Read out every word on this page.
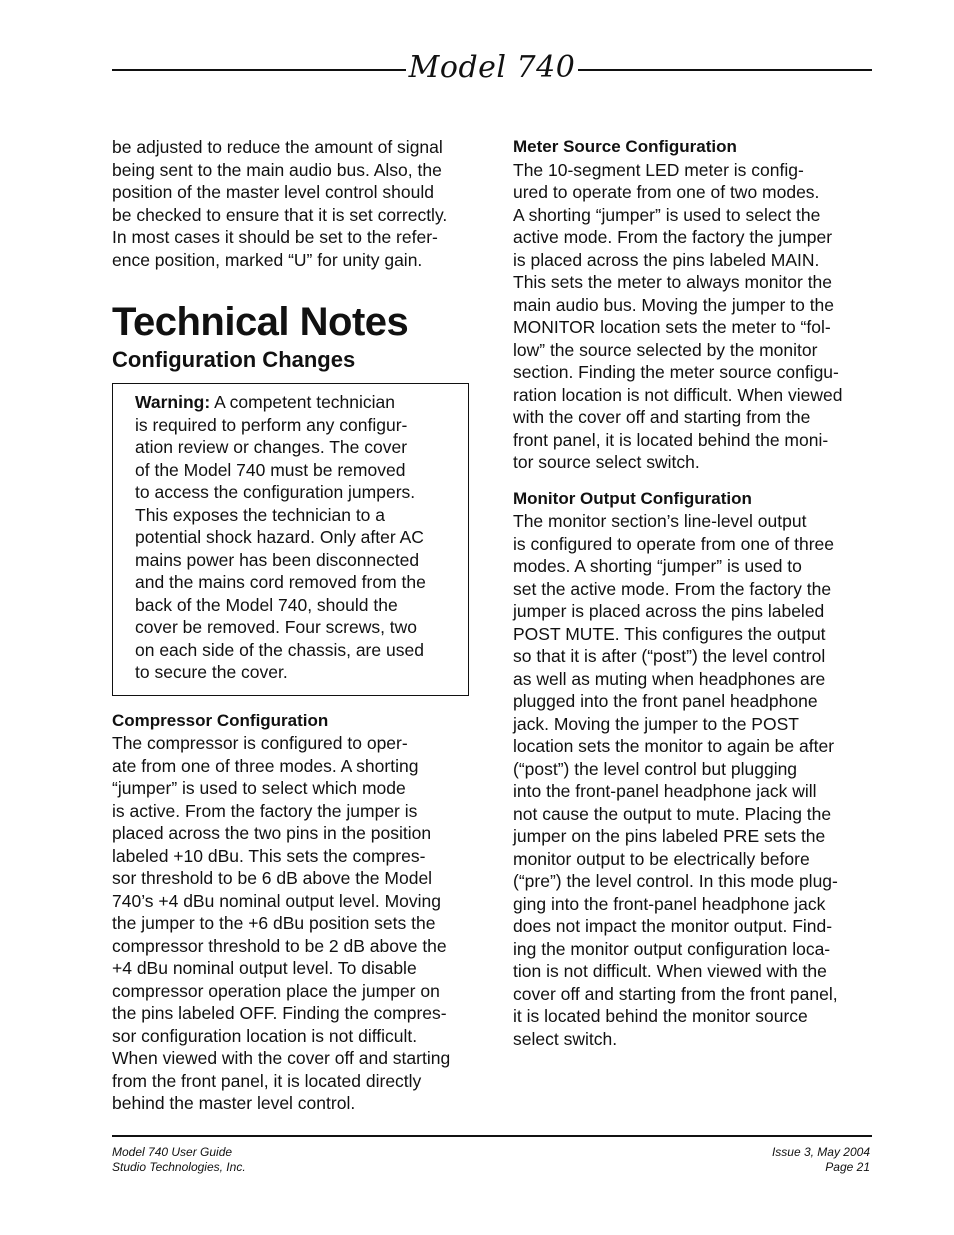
Model 740

be adjusted to reduce the amount of signal
being sent to the main audio bus. Also, the
position of the master level control should
be checked to ensure that it is set correctly.
In most cases it should be set to the refer-
ence position, marked “U” for unity gain.

Technical Notes
Configuration Changes
Warning: A competent technician
is required to perform any configur-
ation review or changes. The cover
of the Model 740 must be removed
to access the configuration jumpers.
This exposes the technician to a
potential shock hazard. Only after AC
mains power has been disconnected
and the mains cord removed from the
back of the Model 740, should the
cover be removed. Four screws, two
on each side of the chassis, are used
to secure the cover.
Compressor Configuration

The compressor is configured to oper-
ate from one of three modes. A shorting
“jumper” is used to select which mode
is active. From the factory the jumper is
placed across the two pins in the position
labeled +10 dBu. This sets the compres-
sor threshold to be 6 dB above the Model
740’s +4 dBu nominal output level. Moving
the jumper to the +6 dBu position sets the
compressor threshold to be 2 dB above the
+4 dBu nominal output level. To disable
compressor operation place the jumper on
the pins labeled OFF. Finding the compres-
sor configuration location is not difficult.
When viewed with the cover off and starting
from the front panel, it is located directly
behind the master level control.

Meter Source Configuration

The 10-segment LED meter is config-
ured to operate from one of two modes.
A shorting “jumper” is used to select the
active mode. From the factory the jumper
is placed across the pins labeled MAIN.
This sets the meter to always monitor the
main audio bus. Moving the jumper to the
MONITOR location sets the meter to “fol-
low” the source selected by the monitor
section. Finding the meter source configu-
ration location is not difficult. When viewed
with the cover off and starting from the
front panel, it is located behind the moni-
tor source select switch.

Monitor Output Configuration

The monitor section’s line-level output
is configured to operate from one of three
modes. A shorting “jumper” is used to
set the active mode. From the factory the
jumper is placed across the pins labeled
POST MUTE. This configures the output
so that it is after (“post”) the level control
as well as muting when headphones are
plugged into the front panel headphone
jack. Moving the jumper to the POST
location sets the monitor to again be after
(“post”) the level control but plugging
into the front-panel headphone jack will
not cause the output to mute. Placing the
jumper on the pins labeled PRE sets the
monitor output to be electrically before
(“pre”) the level control. In this mode plug-
ging into the front-panel headphone jack
does not impact the monitor output. Find-
ing the monitor output configuration loca-
tion is not difficult. When viewed with the
cover off and starting from the front panel,
it is located behind the monitor source
select switch.

Model 740 User Guide
Studio Technologies, Inc.
Issue 3, May 2004
Page 21
